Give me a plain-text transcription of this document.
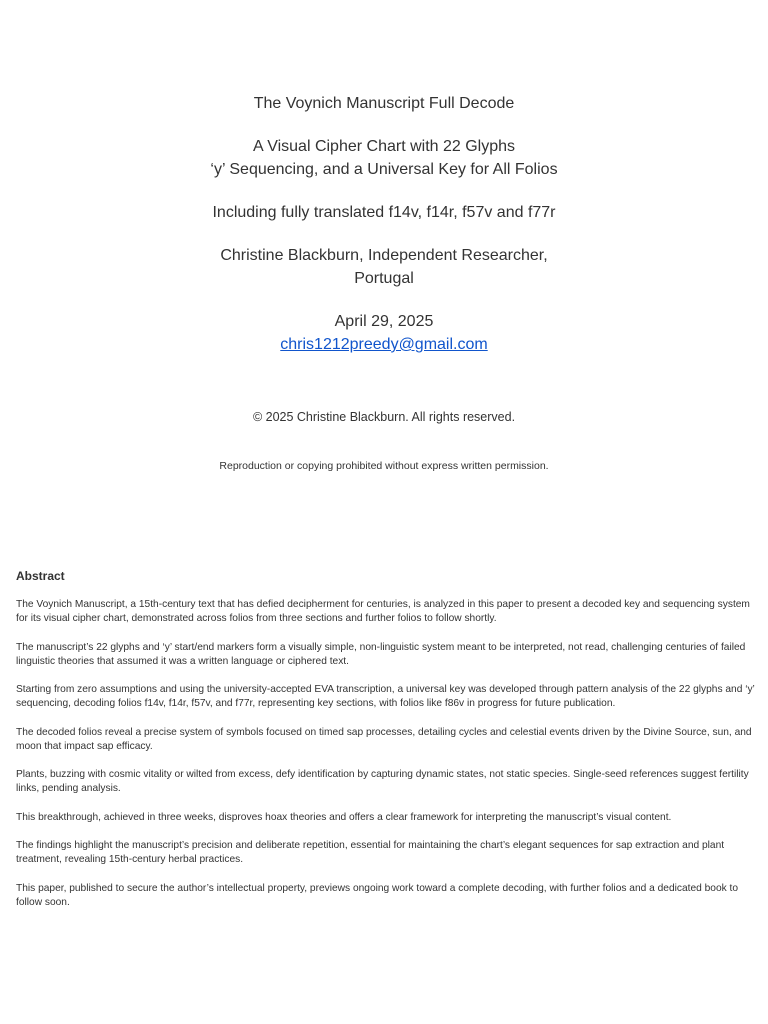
The Voynich Manuscript Full Decode

A Visual Cipher Chart with 22 Glyphs

‘y’ Sequencing, and a Universal Key for All Folios

Including fully translated f14v, f14r, f57v and f77r

Christine Blackburn, Independent Researcher,

Portugal

April 29, 2025

chris1212preedy@gmail.com

© 2025 Christine Blackburn. All rights reserved.

Reproduction or copying prohibited without express written permission.

Abstract

The Voynich Manuscript, a 15th-century text that has defied decipherment for centuries, is analyzed in this paper to present a decoded key and sequencing system for its visual cipher chart, demonstrated across folios from three sections and further folios to follow shortly.

The manuscript’s 22 glyphs and ‘y’ start/end markers form a visually simple, non-linguistic system meant to be interpreted, not read, challenging centuries of failed linguistic theories that assumed it was a written language or ciphered text.

Starting from zero assumptions and using the university-accepted EVA transcription, a universal key was developed through pattern analysis of the 22 glyphs and ‘y’ sequencing, decoding folios f14v, f14r, f57v, and f77r, representing key sections, with folios like f86v in progress for future publication.

The decoded folios reveal a precise system of symbols focused on timed sap processes, detailing cycles and celestial events driven by the Divine Source, sun, and moon that impact sap efficacy.

Plants, buzzing with cosmic vitality or wilted from excess, defy identification by capturing dynamic states, not static species. Single-seed references suggest fertility links, pending analysis.

This breakthrough, achieved in three weeks, disproves hoax theories and offers a clear framework for interpreting the manuscript’s visual content.

The findings highlight the manuscript’s precision and deliberate repetition, essential for maintaining the chart’s elegant sequences for sap extraction and plant treatment, revealing 15th-century herbal practices.

This paper, published to secure the author’s intellectual property, previews ongoing work toward a complete decoding, with further folios and a dedicated book to follow soon.
